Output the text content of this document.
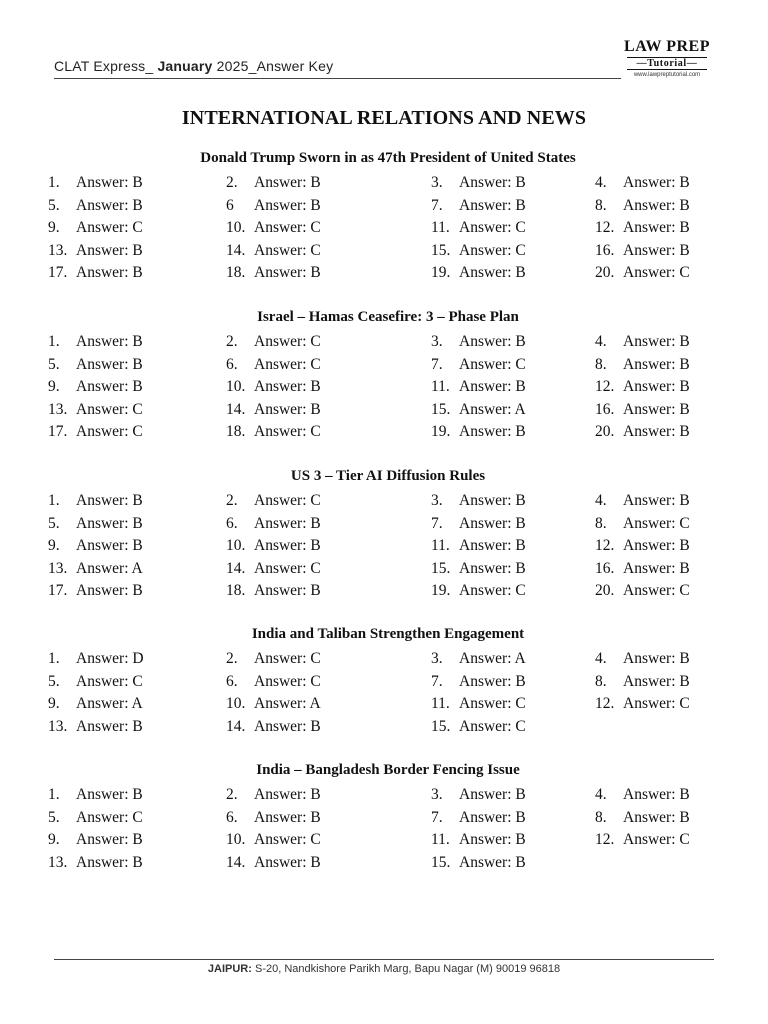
CLAT Express_ January 2025_Answer Key
LAW PREP
—Tutorial—
www.lawpreptutorial.com
INTERNATIONAL RELATIONS AND NEWS
Donald Trump Sworn in as 47th President of United States
1. Answer: B	2. Answer: B	3. Answer: B	4. Answer: B
5. Answer: B	6 Answer: B	7. Answer: B	8. Answer: B
9. Answer: C	10. Answer: C	11. Answer: C	12. Answer: B
13. Answer: B	14. Answer: C	15. Answer: C	16. Answer: B
17. Answer: B	18. Answer: B	19. Answer: B	20. Answer: C
Israel – Hamas Ceasefire: 3 – Phase Plan
1. Answer: B	2. Answer: C	3. Answer: B	4. Answer: B
5. Answer: B	6. Answer: C	7. Answer: C	8. Answer: B
9. Answer: B	10. Answer: B	11. Answer: B	12. Answer: B
13. Answer: C	14. Answer: B	15. Answer: A	16. Answer: B
17. Answer: C	18. Answer: C	19. Answer: B	20. Answer: B
US 3 – Tier AI Diffusion Rules
1. Answer: B	2. Answer: C	3. Answer: B	4. Answer: B
5. Answer: B	6. Answer: B	7. Answer: B	8. Answer: C
9. Answer: B	10. Answer: B	11. Answer: B	12. Answer: B
13. Answer: A	14. Answer: C	15. Answer: B	16. Answer: B
17. Answer: B	18. Answer: B	19. Answer: C	20. Answer: C
India and Taliban Strengthen Engagement
1. Answer: D	2. Answer: C	3. Answer: A	4. Answer: B
5. Answer: C	6. Answer: C	7. Answer: B	8. Answer: B
9. Answer: A	10. Answer: A	11. Answer: C	12. Answer: C
13. Answer: B	14. Answer: B	15. Answer: C
India – Bangladesh Border Fencing Issue
1. Answer: B	2. Answer: B	3. Answer: B	4. Answer: B
5. Answer: C	6. Answer: B	7. Answer: B	8. Answer: B
9. Answer: B	10. Answer: C	11. Answer: B	12. Answer: C
13. Answer: B	14. Answer: B	15. Answer: B
JAIPUR: S-20, Nandkishore Parikh Marg, Bapu Nagar (M) 90019 96818
